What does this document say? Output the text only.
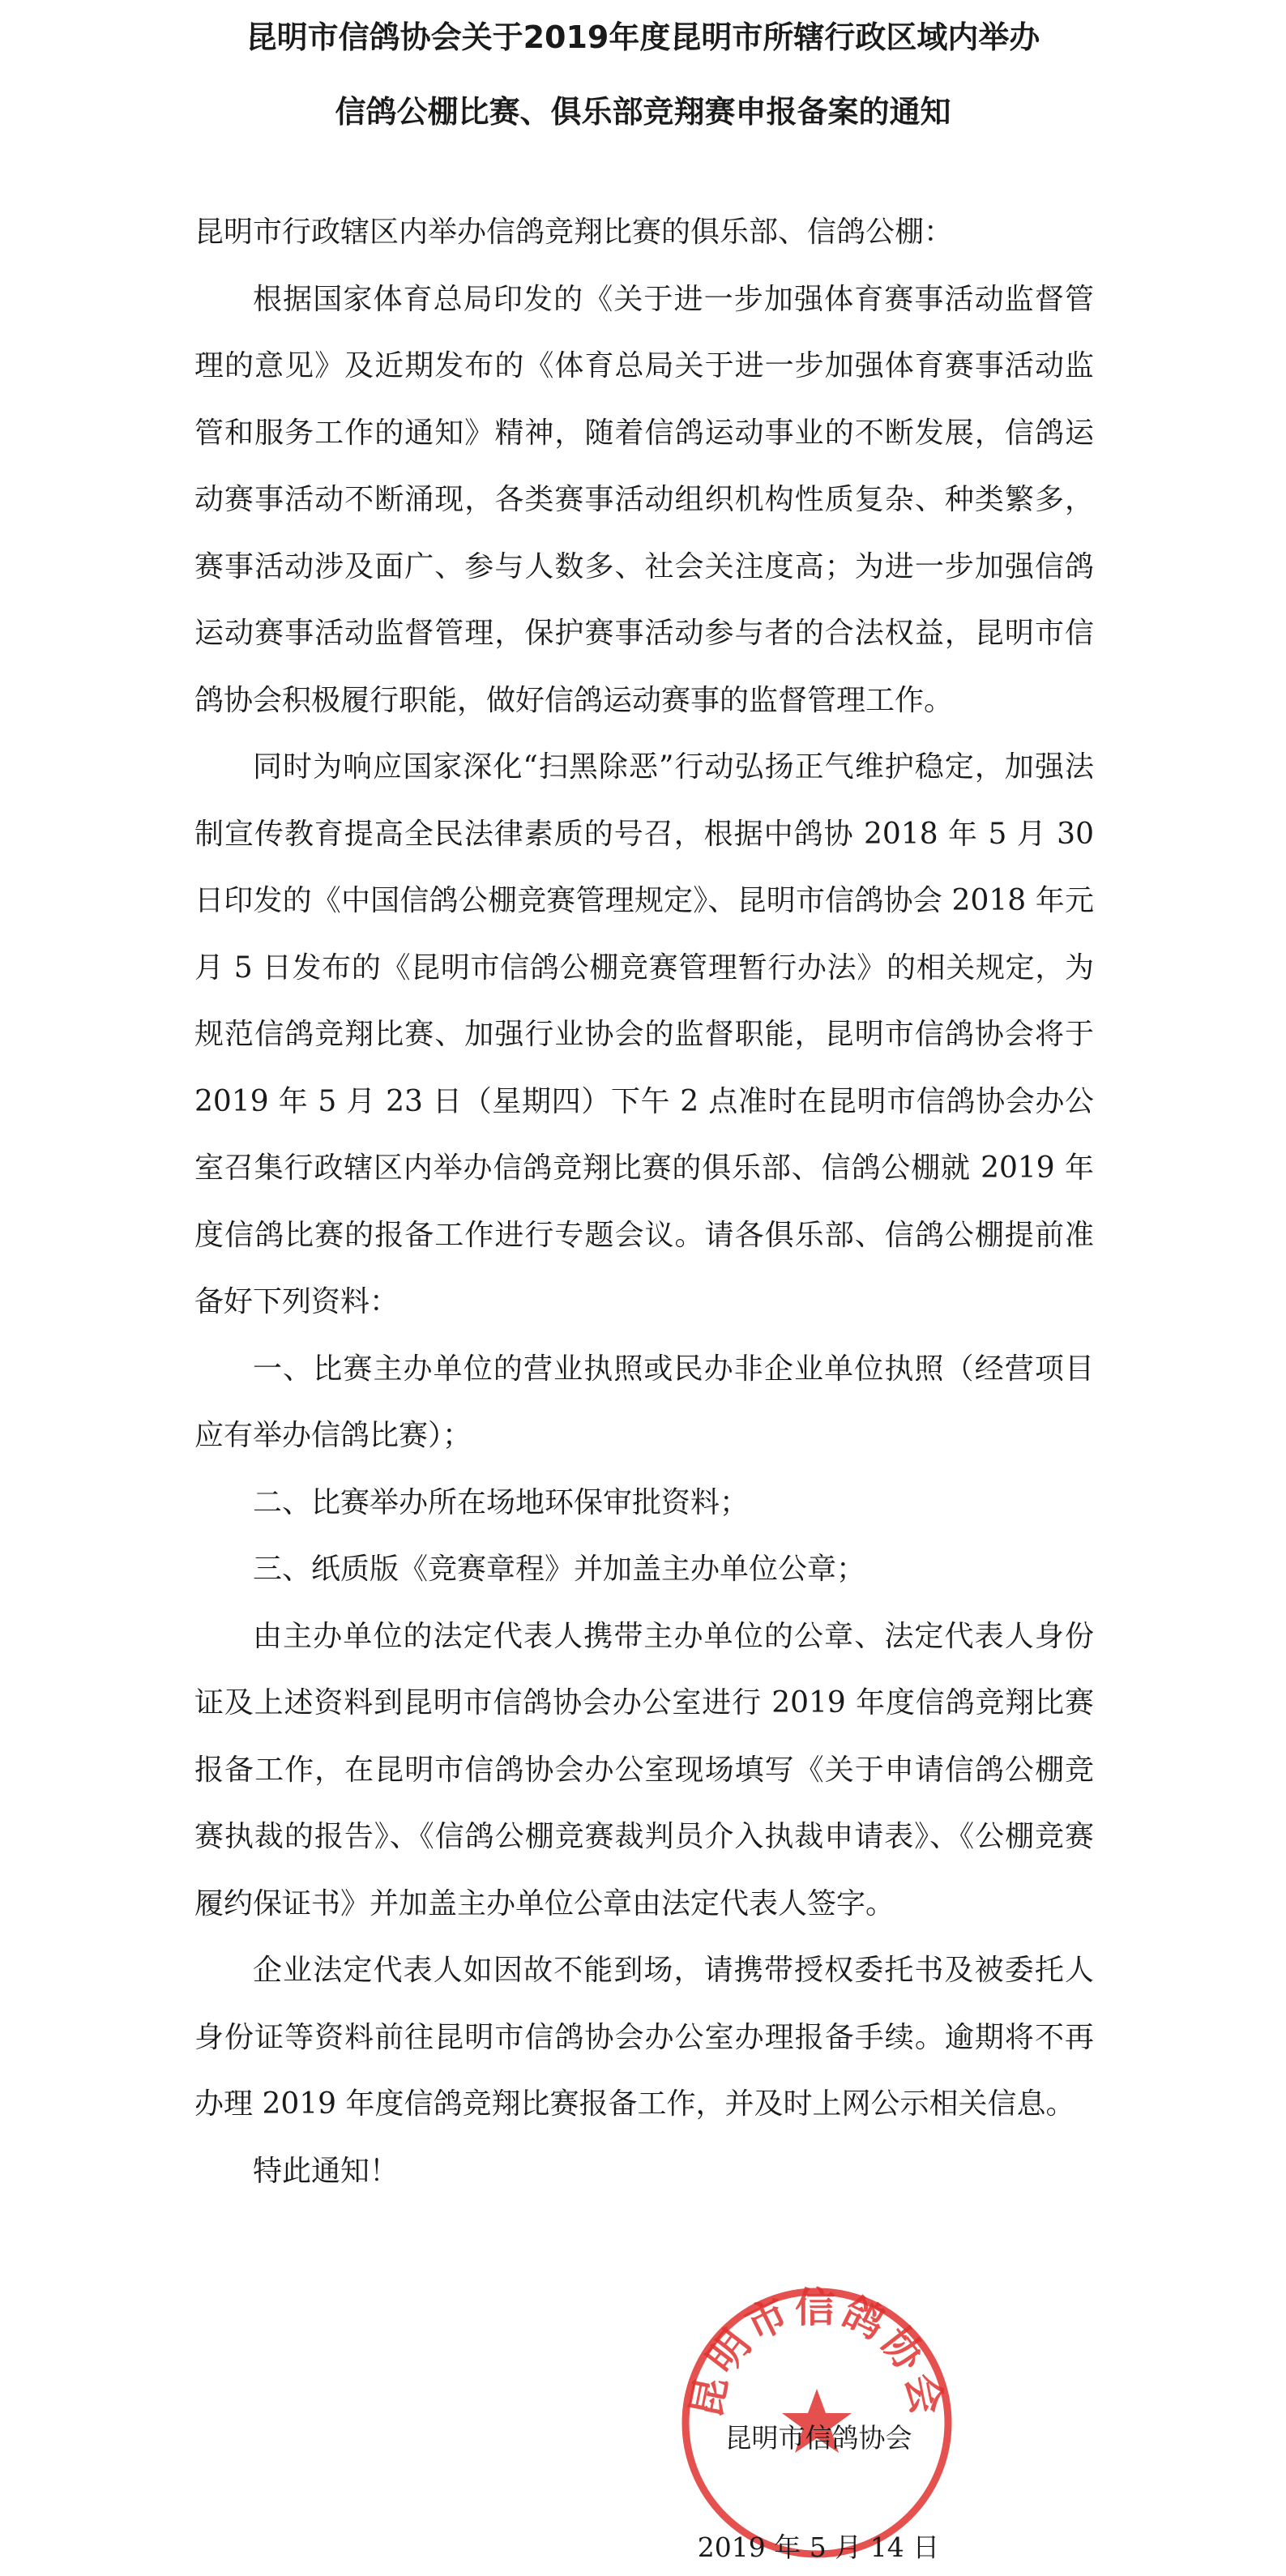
昆明市信鸽协会关于2019年度昆明市所辖行政区域内举办
信鸽公棚比赛、俱乐部竞翔赛申报备案的通知

昆明市行政辖区内举办信鸽竞翔比赛的俱乐部、信鸽公棚：

根据国家体育总局印发的《关于进一步加强体育赛事活动监督管理的意见》及近期发布的《体育总局关于进一步加强体育赛事活动监管和服务工作的通知》精神，随着信鸽运动事业的不断发展，信鸽运动赛事活动不断涌现，各类赛事活动组织机构性质复杂、种类繁多，赛事活动涉及面广、参与人数多、社会关注度高；为进一步加强信鸽运动赛事活动监督管理，保护赛事活动参与者的合法权益，昆明市信鸽协会积极履行职能，做好信鸽运动赛事的监督管理工作。

同时为响应国家深化“扫黑除恶”行动弘扬正气维护稳定，加强法制宣传教育提高全民法律素质的号召，根据中鸽协 2018 年 5 月 30 日印发的《中国信鸽公棚竞赛管理规定》、昆明市信鸽协会 2018 年元月 5 日发布的《昆明市信鸽公棚竞赛管理暂行办法》的相关规定，为规范信鸽竞翔比赛、加强行业协会的监督职能，昆明市信鸽协会将于 2019 年 5 月 23 日（星期四）下午 2 点准时在昆明市信鸽协会办公室召集行政辖区内举办信鸽竞翔比赛的俱乐部、信鸽公棚就 2019 年度信鸽比赛的报备工作进行专题会议。请各俱乐部、信鸽公棚提前准备好下列资料：

一、比赛主办单位的营业执照或民办非企业单位执照（经营项目应有举办信鸽比赛）；

二、比赛举办所在场地环保审批资料；

三、纸质版《竞赛章程》并加盖主办单位公章；

由主办单位的法定代表人携带主办单位的公章、法定代表人身份证及上述资料到昆明市信鸽协会办公室进行 2019 年度信鸽竞翔比赛报备工作，在昆明市信鸽协会办公室现场填写《关于申请信鸽公棚竞赛执裁的报告》、《信鸽公棚竞赛裁判员介入执裁申请表》、《公棚竞赛履约保证书》并加盖主办单位公章由法定代表人签字。

企业法定代表人如因故不能到场，请携带授权委托书及被委托人身份证等资料前往昆明市信鸽协会办公室办理报备手续。逾期将不再办理 2019 年度信鸽竞翔比赛报备工作，并及时上网公示相关信息。

特此通知！

昆明市信鸽协会
昆明市信鸽协会
2019 年 5 月 14 日
